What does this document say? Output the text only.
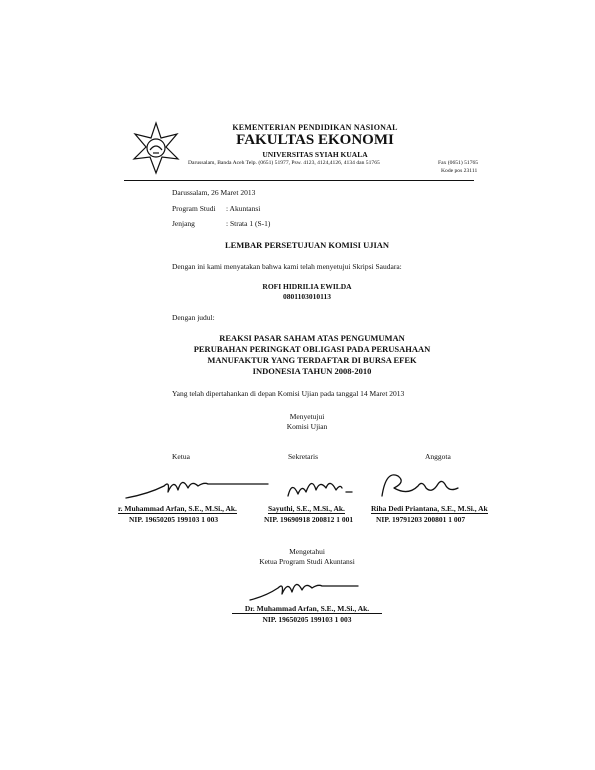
KEMENTERIAN PENDIDIKAN NASIONAL
FAKULTAS EKONOMI
UNIVERSITAS SYIAH KUALA
Darussalam, Banda Aceh Telp. (0651) 51977, Psw. 4123, 4124,4126, 4134 dan 51765	Fax (0651) 51765
Kode pos 23111
Darussalam, 26 Maret 2013
Program Studi : Akuntansi
Jenjang	: Strata 1 (S-1)
LEMBAR PERSETUJUAN KOMISI UJIAN
Dengan ini kami menyatakan bahwa kami telah menyetujui Skripsi Saudara:
ROFI HIDRILIA EWILDA
0801103010113
Dengan judul:
REAKSI PASAR SAHAM ATAS PENGUMUMAN
PERUBAHAN PERINGKAT OBLIGASI PADA PERUSAHAAN
MANUFAKTUR YANG TERDAFTAR DI BURSA EFEK
INDONESIA TAHUN 2008-2010
Yang telah dipertahankan di depan Komisi Ujian pada tanggal 14 Maret 2013
Menyetujui
Komisi Ujian
Ketua	Sekretaris	Anggota
r. Muhammad Arfan, S.E., M.Si., Ak.
NIP. 19650205 199103 1 003
Sayuthi, S.E., M.Si., Ak.
NIP. 19690918 200812 1 001
Riha Dedi Priantana, S.E., M.Si., Ak
NIP. 19791203 200801 1 007
Mengetahui
Ketua Program Studi Akuntansi
Dr. Muhammad Arfan, S.E., M.Si., Ak.
NIP. 19650205 199103 1 003
